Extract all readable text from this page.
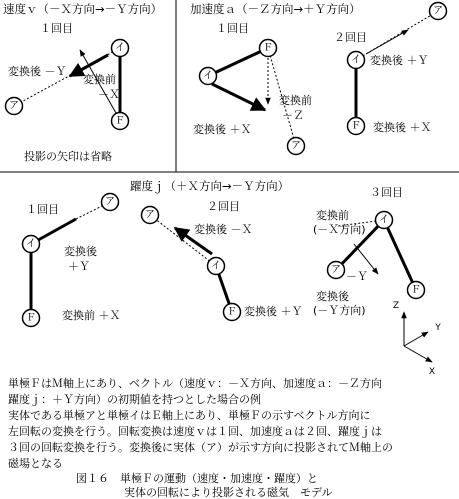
イ
ア
Ｆ
Ｆ
イ
ア
イ
ア
Ｆ
ア
イ
Ｆ
ア
イ
Ｆ
イ
ア
Ｆ
Z
Y
X
速度ｖ（－Ｘ方向→－Ｙ方向）
１回目
変換後 －Ｙ
変換前
－Ｘ
投影の矢印は省略
加速度ａ（－Ｚ方向→＋Ｙ方向）
１回目
２回目
変換前
－Ｚ
変換後 ＋Ｘ
変換後 ＋Ｙ
変換後 ＋Ｘ
躍度ｊ（＋Ｘ方向→－Ｙ方向）
１回目	２回目
３回目
変換後
＋Ｙ
変換前 ＋Ｘ
変換後 －Ｘ
変換後 ＋Ｙ
変換前
(－Ｘ方向)
－Ｙ
変換後
(－Ｙ方向)
単極ＦはＭ軸上にあり、ベクトル（速度ｖ：－Ｘ方向、加速度ａ：－Ｚ方向
躍度ｊ：＋Ｙ方向）の初期値を持つとした場合の例
実体である単極アと単極イはＥ軸上にあり、単極Ｆの示すベクトル方向に
左回転の変換を行う。回転変換は速度ｖは１回、加速度ａは２回、躍度ｊは
３回の回転変換を行う。変換後に実体（ア）が示す方向に投影されてＭ軸上の
磁場となる
図１６　単極Ｆの運動（速度・加速度・躍度）と
実体の回転により投影される磁気　モデル
